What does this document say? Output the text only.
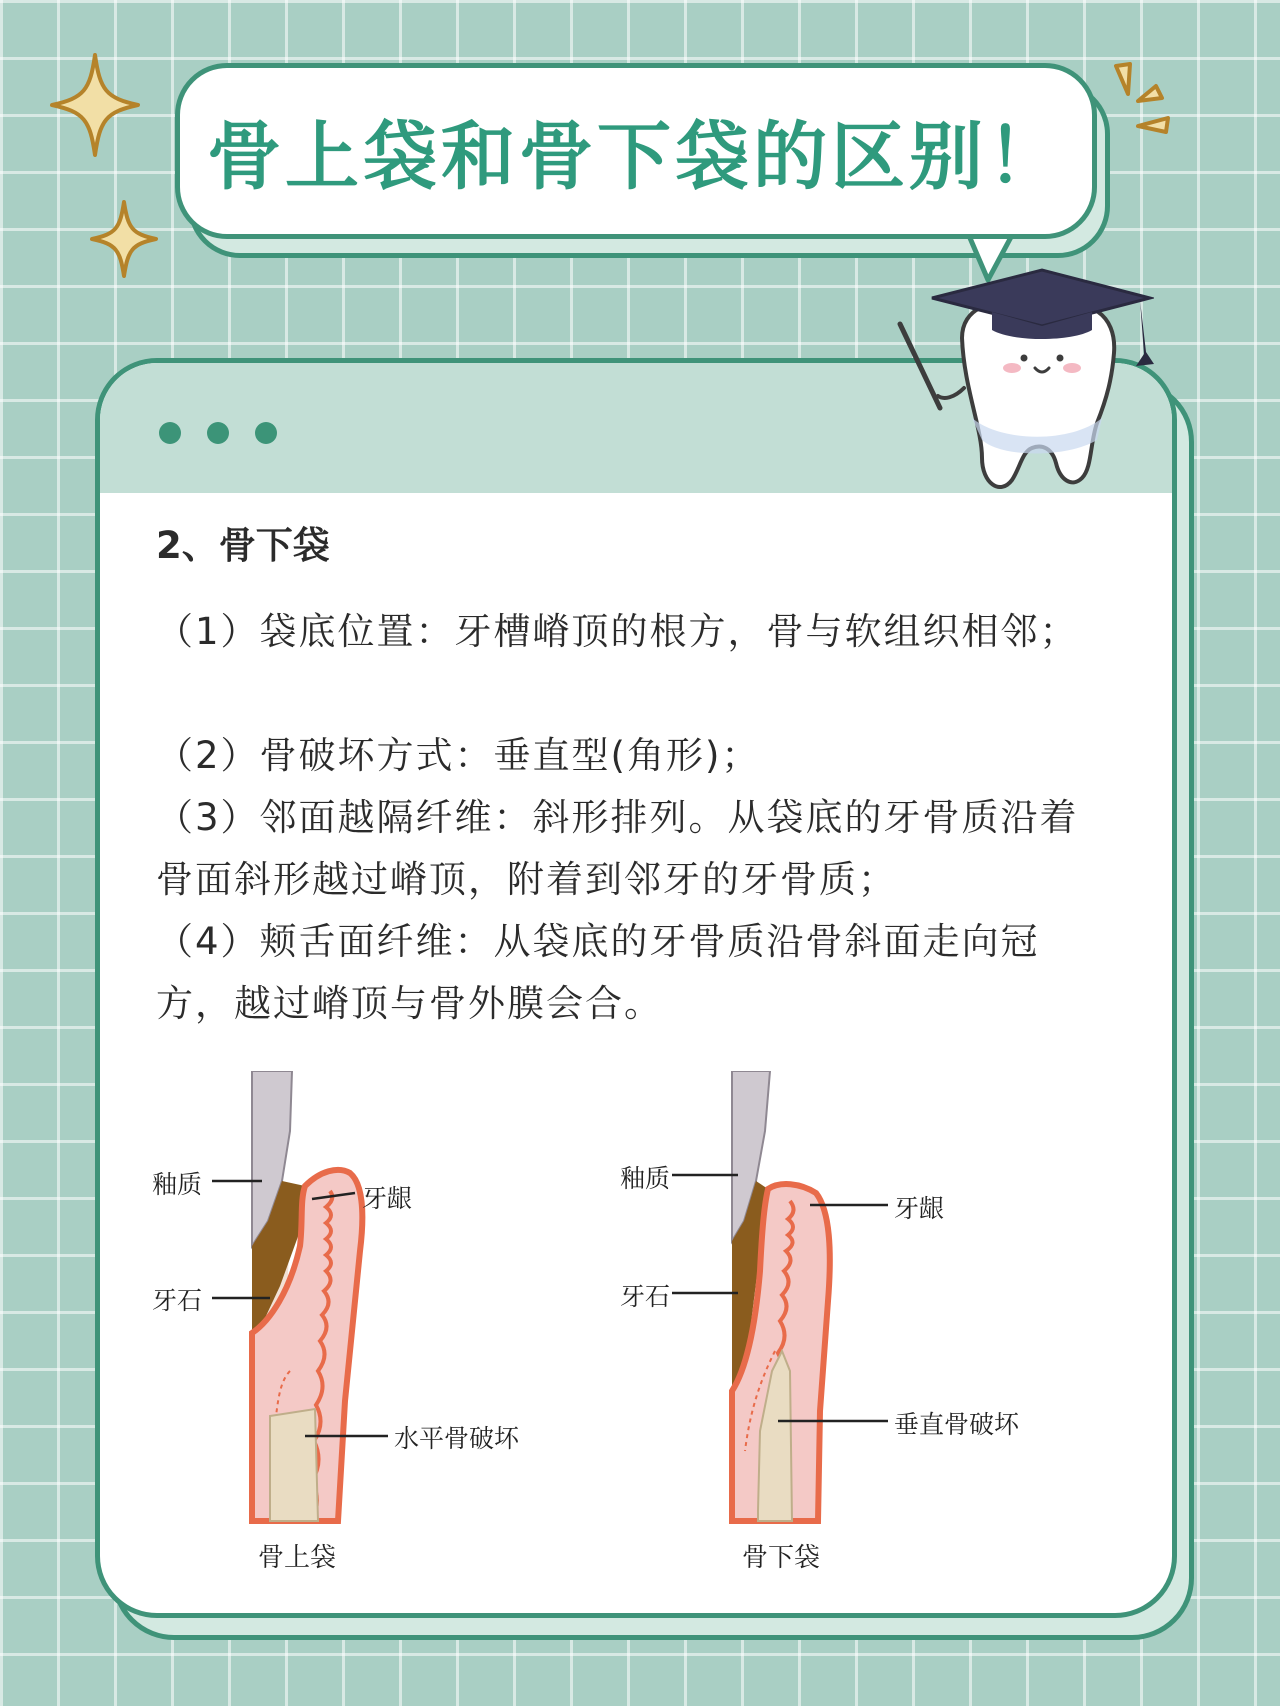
骨上袋和骨下袋的区别！
2、骨下袋

（1）袋底位置：牙槽嵴顶的根方，骨与软组织相邻；

（2）骨破坏方式：垂直型(角形)；

（3）邻面越隔纤维：斜形排列。从袋底的牙骨质沿着骨面斜形越过嵴顶，附着到邻牙的牙骨质；

（4）颊舌面纤维：从袋底的牙骨质沿骨斜面走向冠方，越过嵴顶与骨外膜会合。

釉质	牙龈
牙石
水平骨破坏
骨上袋
釉质
牙龈
牙石
垂直骨破坏
骨下袋
